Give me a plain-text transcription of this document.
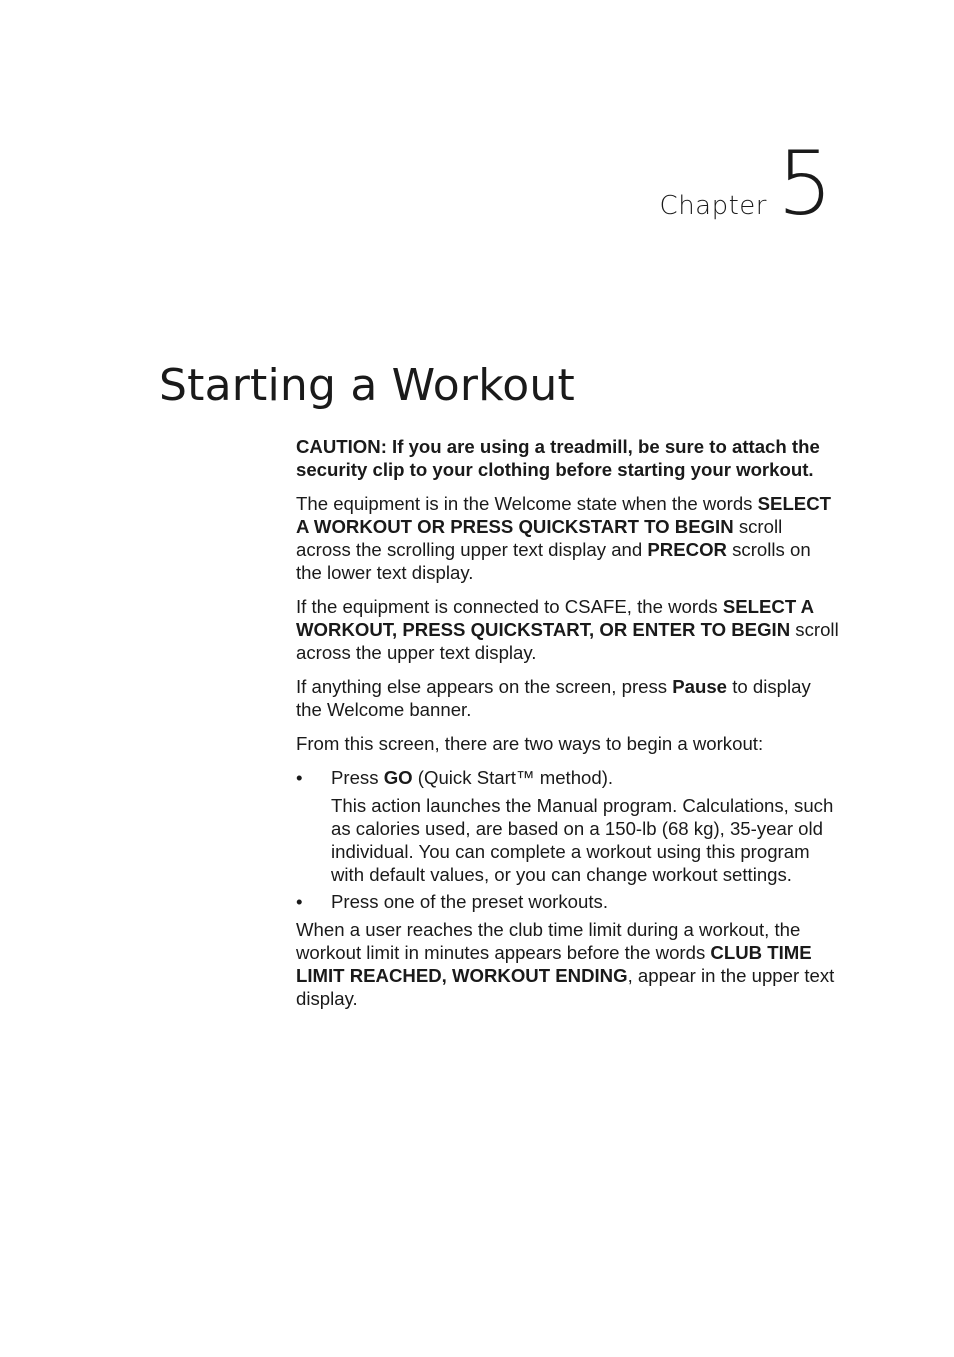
Chapter 5
Starting a Workout

CAUTION: If you are using a treadmill, be sure to attach the security clip to your clothing before starting your workout.

The equipment is in the Welcome state when the words SELECT A WORKOUT OR PRESS QUICKSTART TO BEGIN scroll across the scrolling upper text display and PRECOR scrolls on the lower text display.

If the equipment is connected to CSAFE, the words SELECT A WORKOUT, PRESS QUICKSTART, OR ENTER TO BEGIN scroll across the upper text display.

If anything else appears on the screen, press Pause to display the Welcome banner.

From this screen, there are two ways to begin a workout:

• Press GO (Quick Start™ method).

This action launches the Manual program. Calculations, such as calories used, are based on a 150-lb (68 kg), 35-year old individual. You can complete a workout using this program with default values, or you can change workout settings.

• Press one of the preset workouts.

When a user reaches the club time limit during a workout, the workout limit in minutes appears before the words CLUB TIME LIMIT REACHED, WORKOUT ENDING, appear in the upper text display.
